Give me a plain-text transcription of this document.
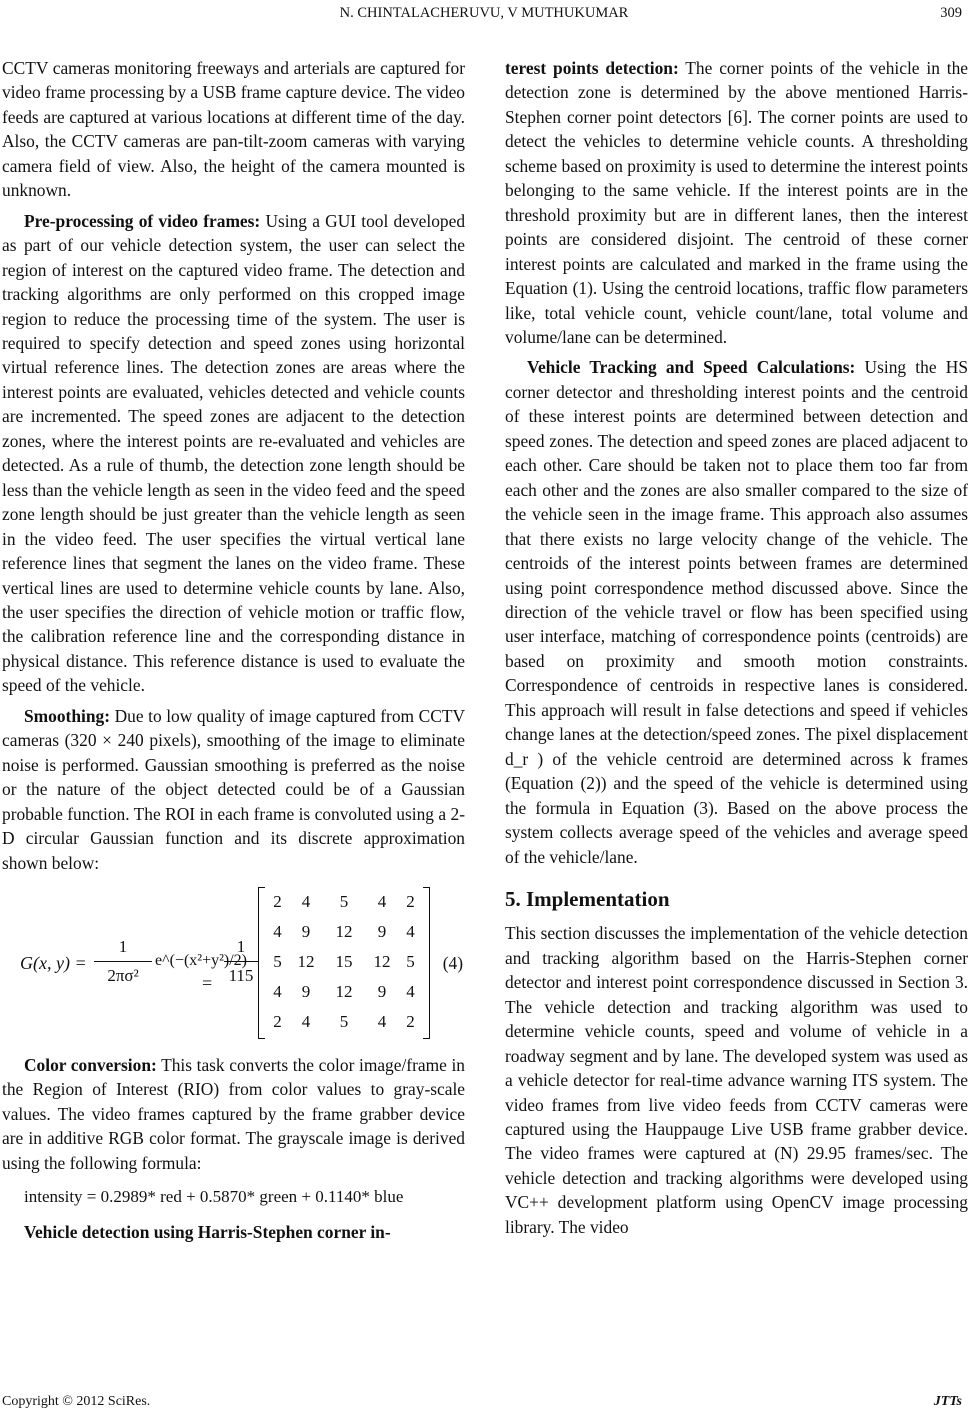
N. CHINTALACHERUVU, V MUTHUKUMAR	309

CCTV cameras monitoring freeways and arterials are captured for video frame processing by a USB frame capture device. The video feeds are captured at various locations at different time of the day. Also, the CCTV cameras are pan-tilt-zoom cameras with varying camera field of view. Also, the height of the camera mounted is unknown.

Pre-processing of video frames: Using a GUI tool developed as part of our vehicle detection system, the user can select the region of interest on the captured video frame. The detection and tracking algorithms are only performed on this cropped image region to reduce the processing time of the system. The user is required to specify detection and speed zones using horizontal virtual reference lines. The detection zones are areas where the interest points are evaluated, vehicles detected and vehicle counts are incremented. The speed zones are adjacent to the detection zones, where the interest points are re-evaluated and vehicles are detected. As a rule of thumb, the detection zone length should be less than the vehicle length as seen in the video feed and the speed zone length should be just greater than the vehicle length as seen in the video feed. The user specifies the virtual vertical lane reference lines that segment the lanes on the video frame. These vertical lines are used to determine vehicle counts by lane. Also, the user specifies the direction of vehicle motion or traffic flow, the calibration reference line and the corresponding distance in physical distance. This reference distance is used to evaluate the speed of the vehicle.

Smoothing: Due to low quality of image captured from CCTV cameras (320 × 240 pixels), smoothing of the image to eliminate noise is performed. Gaussian smoothing is preferred as the noise or the nature of the object detected could be of a Gaussian probable function. The ROI in each frame is convoluted using a 2-D circular Gaussian function and its discrete approximation shown below:

G(x, y) =
1
2πσ²
e^(−(x²+y²)/2)
=
1
115
2	4	5	4	2
4	9	12	9	4
5	12	15	12	5
4	9	12	9	4
2	4	5	4	2
(4)

Color conversion: This task converts the color image/frame in the Region of Interest (RIO) from color values to gray-scale values. The video frames captured by the frame grabber device are in additive RGB color format. The grayscale image is derived using the following formula:

intensity = 0.2989* red + 0.5870* green + 0.1140* blue

Vehicle detection using Harris-Stephen corner in-

terest points detection: The corner points of the vehicle in the detection zone is determined by the above mentioned Harris-Stephen corner point detectors [6]. The corner points are used to detect the vehicles to determine vehicle counts. A thresholding scheme based on proximity is used to determine the interest points belonging to the same vehicle. If the interest points are in the threshold proximity but are in different lanes, then the interest points are considered disjoint. The centroid of these corner interest points are calculated and marked in the frame using the Equation (1). Using the centroid locations, traffic flow parameters like, total vehicle count, vehicle count/lane, total volume and volume/lane can be determined.

Vehicle Tracking and Speed Calculations: Using the HS corner detector and thresholding interest points and the centroid of these interest points are determined between detection and speed zones. The detection and speed zones are placed adjacent to each other. Care should be taken not to place them too far from each other and the zones are also smaller compared to the size of the vehicle seen in the image frame. This approach also assumes that there exists no large velocity change of the vehicle. The centroids of the interest points between frames are determined using point correspondence method discussed above. Since the direction of the vehicle travel or flow has been specified using user interface, matching of correspondence points (centroids) are based on proximity and smooth motion constraints. Correspondence of centroids in respective lanes is considered. This approach will result in false detections and speed if vehicles change lanes at the detection/speed zones. The pixel displacement d_r ) of the vehicle centroid are determined across k frames (Equation (2)) and the speed of the vehicle is determined using the formula in Equation (3). Based on the above process the system collects average speed of the vehicles and average speed of the vehicle/lane.

5. Implementation

This section discusses the implementation of the vehicle detection and tracking algorithm based on the Harris-Stephen corner detector and interest point correspondence discussed in Section 3. The vehicle detection and tracking algorithm was used to determine vehicle counts, speed and volume of vehicle in a roadway segment and by lane. The developed system was used as a vehicle detector for real-time advance warning ITS system. The video frames from live video feeds from CCTV cameras were captured using the Hauppauge Live USB frame grabber device. The video frames were captured at (N) 29.95 frames/sec. The vehicle detection and tracking algorithms were developed using VC++ development platform using OpenCV image processing library. The video

Copyright © 2012 SciRes.	JTTs
